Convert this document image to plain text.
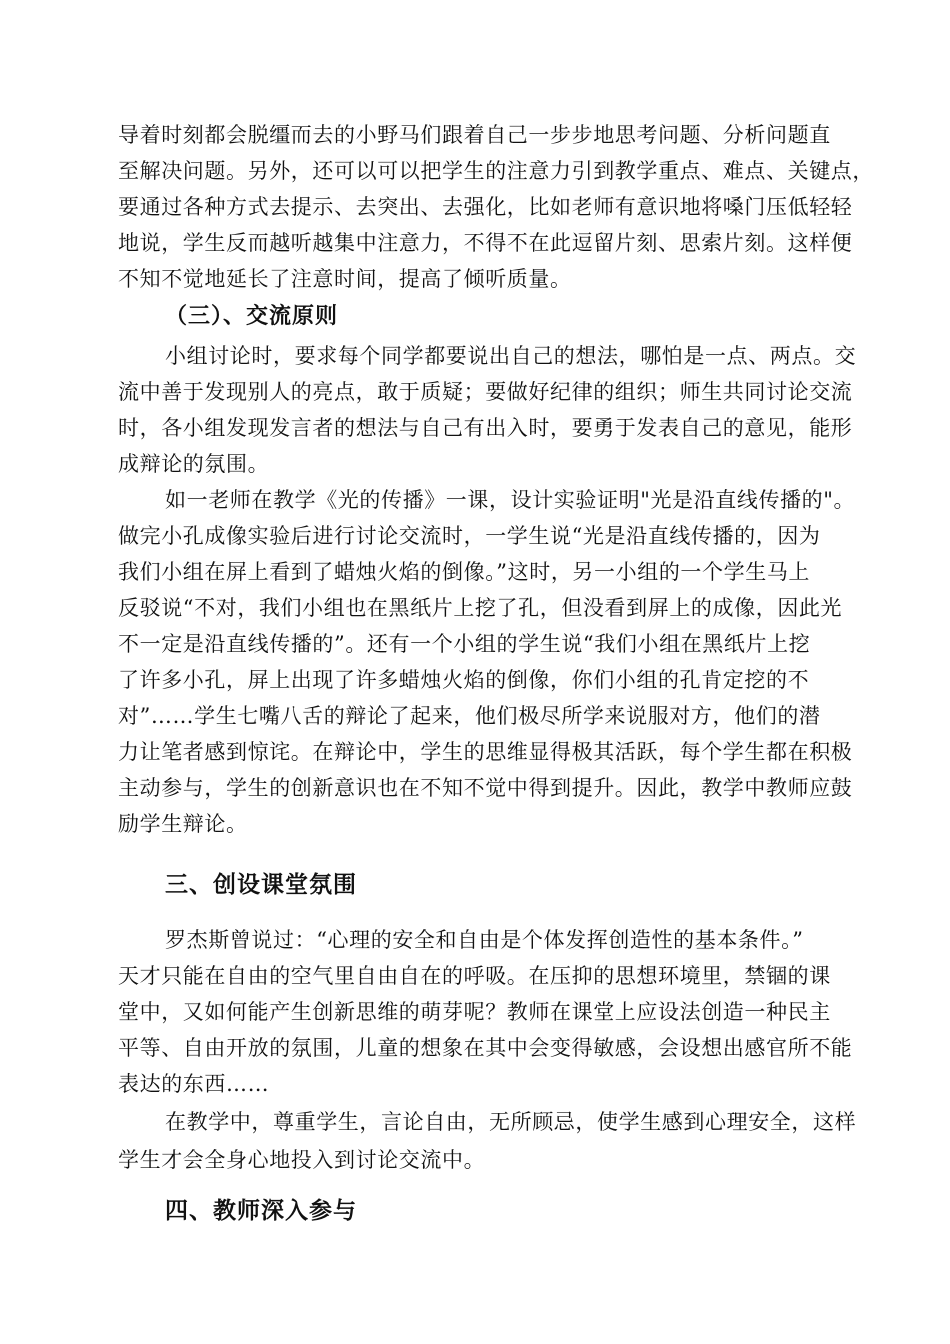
导着时刻都会脱缰而去的小野马们跟着自己一步步地思考问题、分析问题直
至解决问题。另外，还可以可以把学生的注意力引到教学重点、难点、关键点，
要通过各种方式去提示、去突出、去强化，比如老师有意识地将嗓门压低轻轻
地说，学生反而越听越集中注意力，不得不在此逗留片刻、思索片刻。这样便
不知不觉地延长了注意时间，提高了倾听质量。
（三）、交流原则
小组讨论时，要求每个同学都要说出自己的想法，哪怕是一点、两点。交
流中善于发现别人的亮点，敢于质疑；要做好纪律的组织；师生共同讨论交流
时，各小组发现发言者的想法与自己有出入时，要勇于发表自己的意见，能形
成辩论的氛围。
如一老师在教学《光的传播》一课，设计实验证明"光是沿直线传播的"。
做完小孔成像实验后进行讨论交流时，一学生说“光是沿直线传播的，因为
我们小组在屏上看到了蜡烛火焰的倒像。”这时，另一小组的一个学生马上
反驳说“不对，我们小组也在黑纸片上挖了孔，但没看到屏上的成像，因此光
不一定是沿直线传播的”。还有一个小组的学生说“我们小组在黑纸片上挖
了许多小孔，屏上出现了许多蜡烛火焰的倒像，你们小组的孔肯定挖的不
对”……学生七嘴八舌的辩论了起来，他们极尽所学来说服对方，他们的潜
力让笔者感到惊诧。在辩论中，学生的思维显得极其活跃，每个学生都在积极
主动参与，学生的创新意识也在不知不觉中得到提升。因此，教学中教师应鼓
励学生辩论。
三、创设课堂氛围
罗杰斯曾说过：“心理的安全和自由是个体发挥创造性的基本条件。”
天才只能在自由的空气里自由自在的呼吸。在压抑的思想环境里，禁锢的课
堂中，又如何能产生创新思维的萌芽呢？教师在课堂上应设法创造一种民主
平等、自由开放的氛围，儿童的想象在其中会变得敏感，会设想出感官所不能
表达的东西……
在教学中，尊重学生，言论自由，无所顾忌，使学生感到心理安全，这样
学生才会全身心地投入到讨论交流中。
四、教师深入参与
